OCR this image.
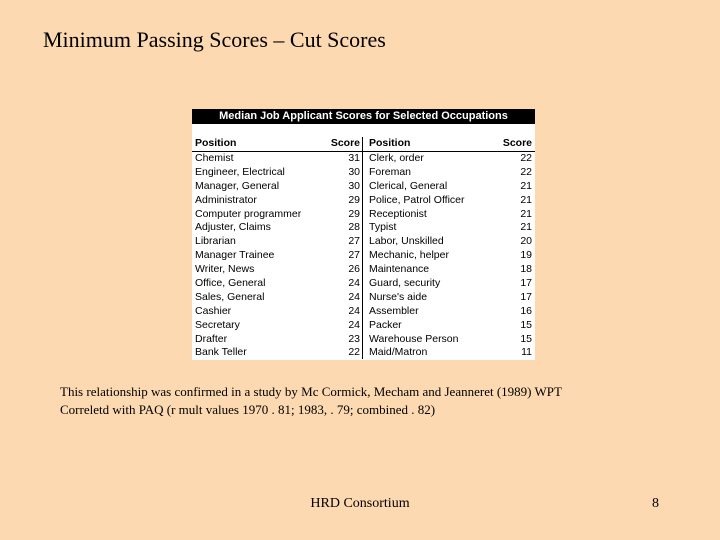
Minimum Passing Scores – Cut Scores
Median Job Applicant Scores for Selected Occupations
Position	Score Position	Score
Chemist	31 Clerk, order	22
Engineer, Electrical	30 Foreman	22
Manager, General	30 Clerical, General	21
Administrator	29 Police, Patrol Officer	21
Computer programmer	29 Receptionist	21
Adjuster, Claims	28 Typist	21
Librarian	27 Labor, Unskilled	20
Manager Trainee	27 Mechanic, helper	19
Writer, News	26 Maintenance	18
Office, General	24 Guard, security	17
Sales, General	24 Nurse's aide	17
Cashier	24 Assembler	16
Secretary	24 Packer	15
Drafter	23 Warehouse Person	15
Bank Teller	22 Maid/Matron	11
This relationship was confirmed in a study by Mc Cormick, Mecham and Jeanneret (1989) WPT
Correletd with PAQ (r mult values 1970 . 81; 1983, . 79; combined . 82)
HRD Consortium	8
